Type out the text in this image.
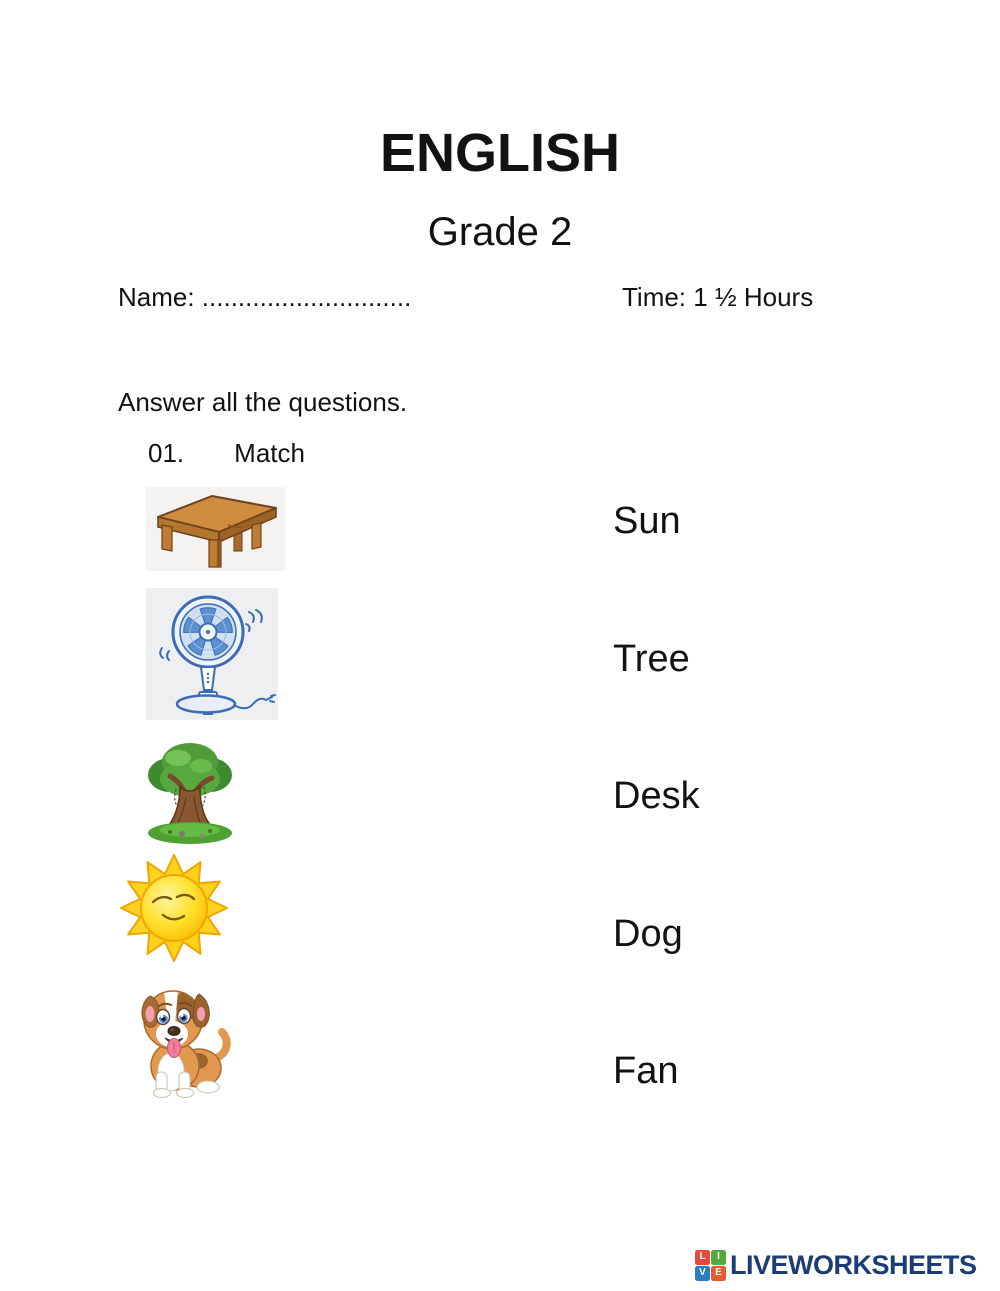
ENGLISH
Grade 2
Name: .............................	Time: 1 ½ Hours
Answer all the questions.
01. Match
Sun
Tree
Desk
Dog
Fan
L	I
V E LIVEWORKSHEETS
